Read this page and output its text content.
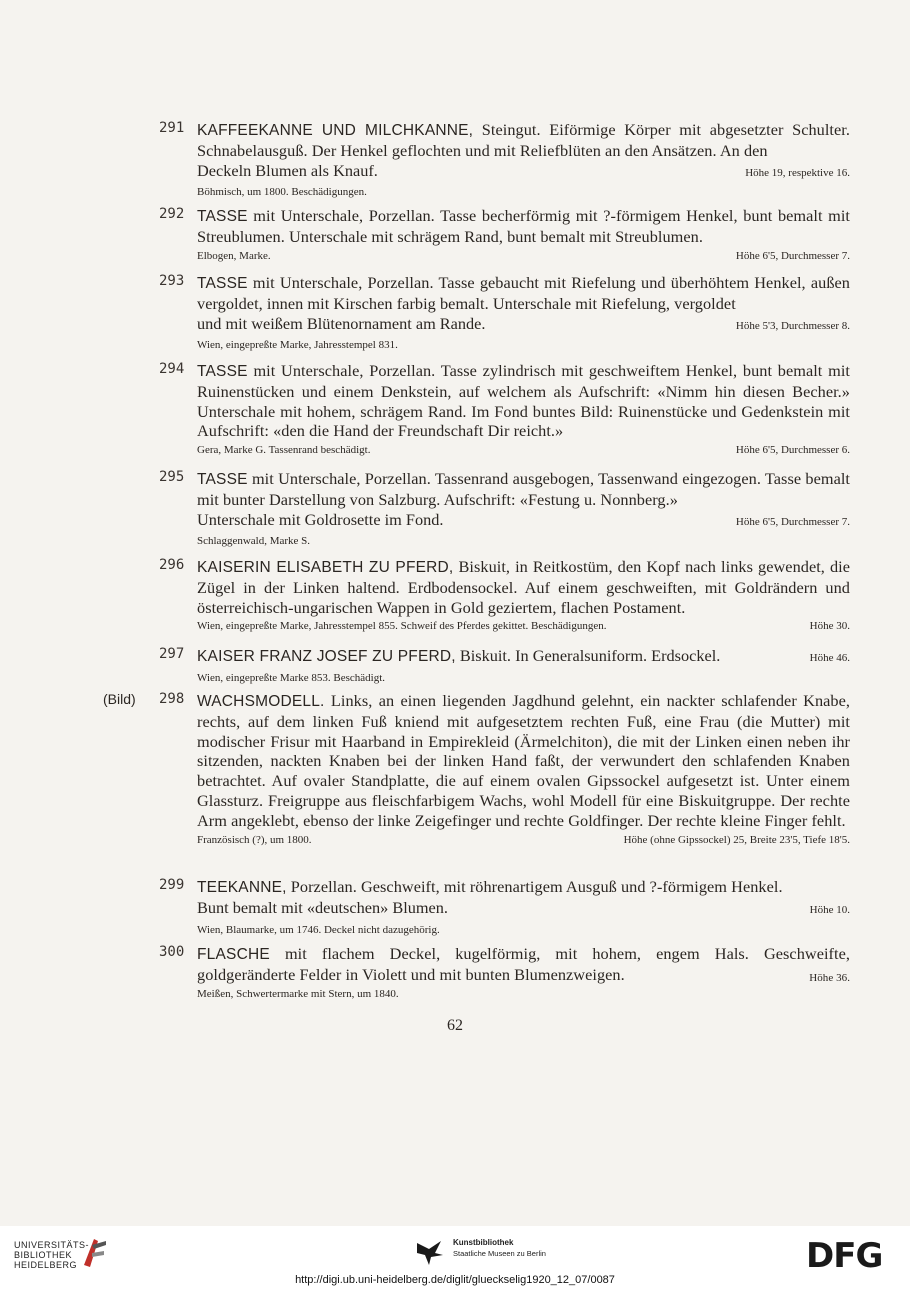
291 KAFFEEKANNE UND MILCHKANNE, Steingut. Eiförmige Körper mit abgesetzter Schulter. Schnabelausguß. Der Henkel geflochten und mit Reliefblüten an den Ansätzen. An den
Deckeln Blumen als Knauf.	Höhe 19, respektive 16.
Böhmisch, um 1800. Beschädigungen.
292 TASSE mit Unterschale, Porzellan. Tasse becherförmig mit ?-förmigem Henkel, bunt bemalt mit Streublumen. Unterschale mit schrägem Rand, bunt bemalt mit Streublumen.
Elbogen, Marke.	Höhe 6'5, Durchmesser 7.
293 TASSE mit Unterschale, Porzellan. Tasse gebaucht mit Riefelung und überhöhtem Henkel, außen vergoldet, innen mit Kirschen farbig bemalt. Unterschale mit Riefelung, vergoldet
und mit weißem Blütenornament am Rande.	Höhe 5'3, Durchmesser 8.
Wien, eingepreßte Marke, Jahresstempel 831.
294 TASSE mit Unterschale, Porzellan. Tasse zylindrisch mit geschweiftem Henkel, bunt bemalt mit Ruinenstücken und einem Denkstein, auf welchem als Aufschrift: «Nimm hin diesen Becher.» Unterschale mit hohem, schrägem Rand. Im Fond buntes Bild: Ruinenstücke und Gedenkstein mit Aufschrift: «den die Hand der Freundschaft Dir reicht.»
Gera, Marke G. Tassenrand beschädigt.	Höhe 6'5, Durchmesser 6.
295 TASSE mit Unterschale, Porzellan. Tassenrand ausgebogen, Tassenwand eingezogen. Tasse bemalt mit bunter Darstellung von Salzburg. Aufschrift: «Festung u. Nonnberg.»
Unterschale mit Goldrosette im Fond.	Höhe 6'5, Durchmesser 7.
Schlaggenwald, Marke S.
296 KAISERIN ELISABETH ZU PFERD, Biskuit, in Reitkostüm, den Kopf nach links gewendet, die Zügel in der Linken haltend. Erdbodensockel. Auf einem geschweiften, mit Goldrändern und österreichisch-ungarischen Wappen in Gold geziertem, flachen Postament.
Wien, eingepreßte Marke, Jahresstempel 855. Schweif des Pferdes gekittet. Beschädigungen.	Höhe 30.
297 KAISER FRANZ JOSEF ZU PFERD, Biskuit. In Generalsuniform. Erdsockel.	Höhe 46.
Wien, eingepreßte Marke 853. Beschädigt.
(Bild) 298 WACHSMODELL. Links, an einen liegenden Jagdhund gelehnt, ein nackter schlafender Knabe, rechts, auf dem linken Fuß kniend mit aufgesetztem rechten Fuß, eine Frau (die Mutter) mit modischer Frisur mit Haarband in Empirekleid (Ärmelchiton), die mit der Linken einen neben ihr sitzenden, nackten Knaben bei der linken Hand faßt, der verwundert den schlafenden Knaben betrachtet. Auf ovaler Standplatte, die auf einem ovalen Gipssockel aufgesetzt ist. Unter einem Glassturz. Freigruppe aus fleischfarbigem Wachs, wohl Modell für eine Biskuitgruppe. Der rechte Arm angeklebt, ebenso der linke Zeigefinger und rechte Goldfinger. Der rechte kleine Finger fehlt.
Französisch (?), um 1800.	Höhe (ohne Gipssockel) 25, Breite 23'5, Tiefe 18'5.
299 TEEKANNE, Porzellan. Geschweift, mit röhrenartigem Ausguß und ?-förmigem Henkel.
Bunt bemalt mit «deutschen» Blumen.	Höhe 10.
Wien, Blaumarke, um 1746. Deckel nicht dazugehörig.
300 FLASCHE mit flachem Deckel, kugelförmig, mit hohem, engem Hals. Geschweifte, goldgeränderte Felder in Violett und mit bunten Blumenzweigen.	Höhe 36.
Meißen, Schwertermarke mit Stern, um 1840.
62
UNIVERSITÄTS-
BIBLIOTHEK
HEIDELBERG
Kunstbibliothek
Staatliche Museen zu Berlin	DFG
http://digi.ub.uni-heidelberg.de/diglit/glueckselig1920_12_07/0087
